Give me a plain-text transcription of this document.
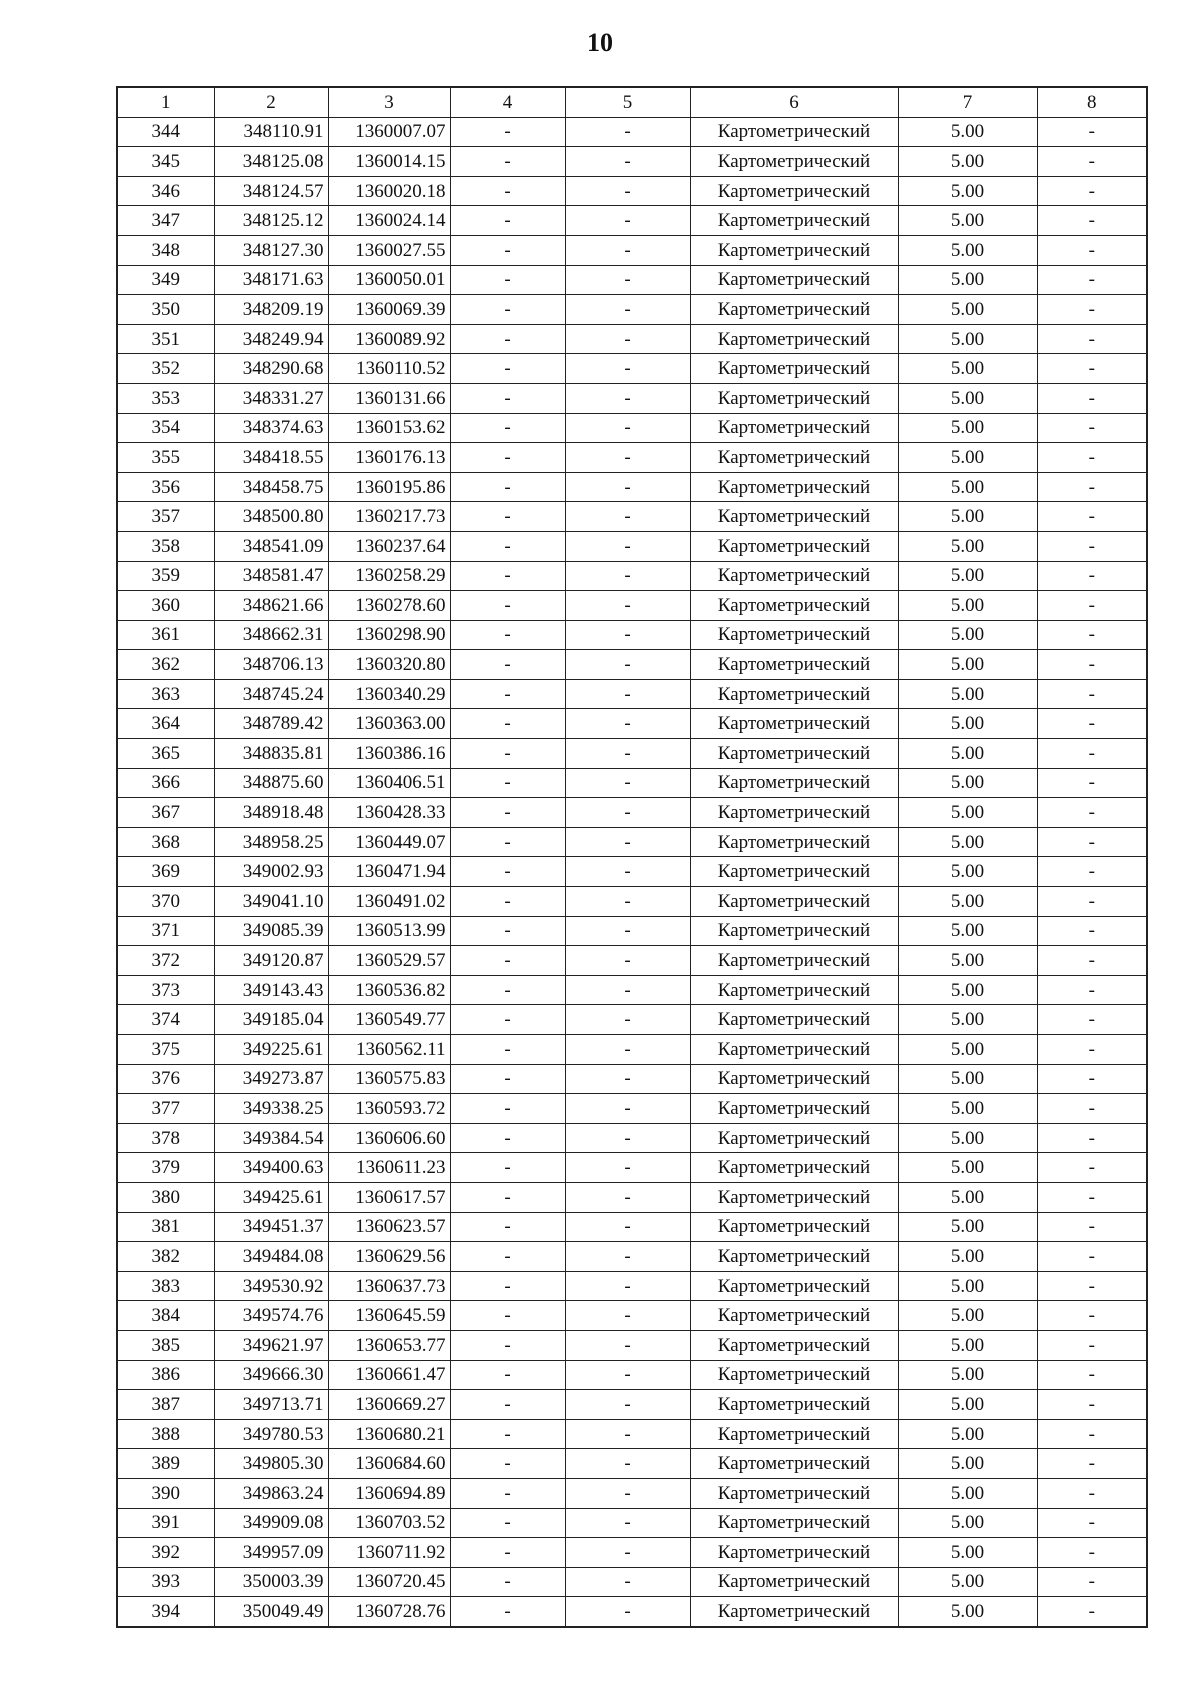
10
1	2	3	4	5	6	7	8
344	348110.91	1360007.07	-	-	Картометрический	5.00	-
345	348125.08	1360014.15	-	-	Картометрический	5.00	-
346	348124.57	1360020.18	-	-	Картометрический	5.00	-
347	348125.12	1360024.14	-	-	Картометрический	5.00	-
348	348127.30	1360027.55	-	-	Картометрический	5.00	-
349	348171.63	1360050.01	-	-	Картометрический	5.00	-
350	348209.19	1360069.39	-	-	Картометрический	5.00	-
351	348249.94	1360089.92	-	-	Картометрический	5.00	-
352	348290.68	1360110.52	-	-	Картометрический	5.00	-
353	348331.27	1360131.66	-	-	Картометрический	5.00	-
354	348374.63	1360153.62	-	-	Картометрический	5.00	-
355	348418.55	1360176.13	-	-	Картометрический	5.00	-
356	348458.75	1360195.86	-	-	Картометрический	5.00	-
357	348500.80	1360217.73	-	-	Картометрический	5.00	-
358	348541.09	1360237.64	-	-	Картометрический	5.00	-
359	348581.47	1360258.29	-	-	Картометрический	5.00	-
360	348621.66	1360278.60	-	-	Картометрический	5.00	-
361	348662.31	1360298.90	-	-	Картометрический	5.00	-
362	348706.13	1360320.80	-	-	Картометрический	5.00	-
363	348745.24	1360340.29	-	-	Картометрический	5.00	-
364	348789.42	1360363.00	-	-	Картометрический	5.00	-
365	348835.81	1360386.16	-	-	Картометрический	5.00	-
366	348875.60	1360406.51	-	-	Картометрический	5.00	-
367	348918.48	1360428.33	-	-	Картометрический	5.00	-
368	348958.25	1360449.07	-	-	Картометрический	5.00	-
369	349002.93	1360471.94	-	-	Картометрический	5.00	-
370	349041.10	1360491.02	-	-	Картометрический	5.00	-
371	349085.39	1360513.99	-	-	Картометрический	5.00	-
372	349120.87	1360529.57	-	-	Картометрический	5.00	-
373	349143.43	1360536.82	-	-	Картометрический	5.00	-
374	349185.04	1360549.77	-	-	Картометрический	5.00	-
375	349225.61	1360562.11	-	-	Картометрический	5.00	-
376	349273.87	1360575.83	-	-	Картометрический	5.00	-
377	349338.25	1360593.72	-	-	Картометрический	5.00	-
378	349384.54	1360606.60	-	-	Картометрический	5.00	-
379	349400.63	1360611.23	-	-	Картометрический	5.00	-
380	349425.61	1360617.57	-	-	Картометрический	5.00	-
381	349451.37	1360623.57	-	-	Картометрический	5.00	-
382	349484.08	1360629.56	-	-	Картометрический	5.00	-
383	349530.92	1360637.73	-	-	Картометрический	5.00	-
384	349574.76	1360645.59	-	-	Картометрический	5.00	-
385	349621.97	1360653.77	-	-	Картометрический	5.00	-
386	349666.30	1360661.47	-	-	Картометрический	5.00	-
387	349713.71	1360669.27	-	-	Картометрический	5.00	-
388	349780.53	1360680.21	-	-	Картометрический	5.00	-
389	349805.30	1360684.60	-	-	Картометрический	5.00	-
390	349863.24	1360694.89	-	-	Картометрический	5.00	-
391	349909.08	1360703.52	-	-	Картометрический	5.00	-
392	349957.09	1360711.92	-	-	Картометрический	5.00	-
393	350003.39	1360720.45	-	-	Картометрический	5.00	-
394	350049.49	1360728.76	-	-	Картометрический	5.00	-
